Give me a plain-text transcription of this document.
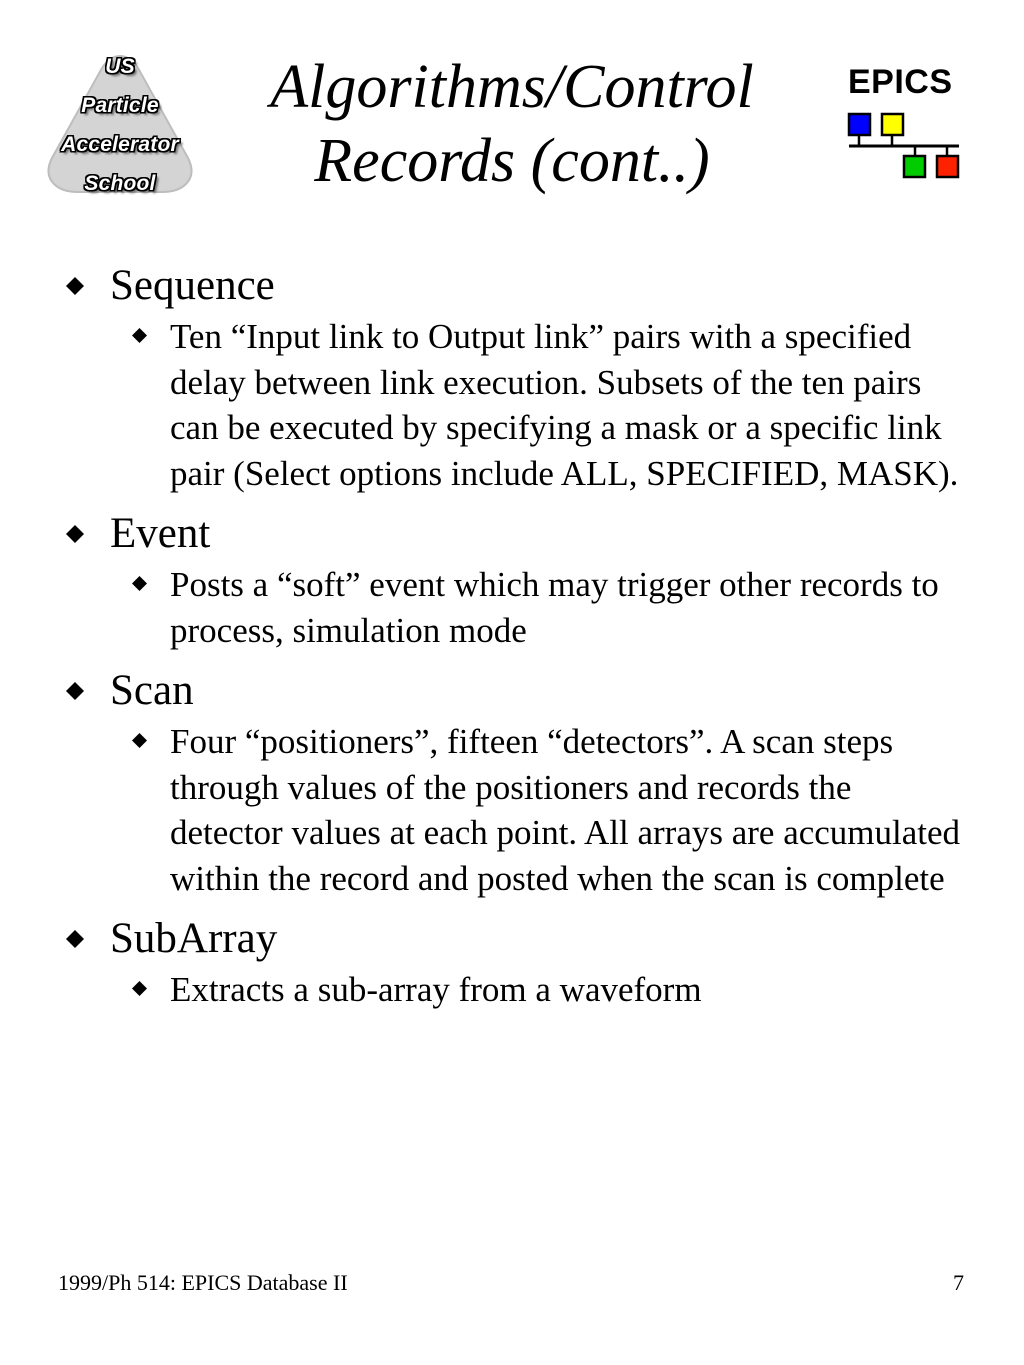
US
Particle
Accelerator
School
Algorithms/Control
Records (cont..)
EPICS
Sequence
Ten “Input link to Output link” pairs with a specified delay between link execution. Subsets of the ten pairs can be executed by specifying a mask or a specific link pair (Select options include ALL, SPECIFIED, MASK).
Event
Posts a “soft” event which may trigger other records to process, simulation mode
Scan
Four “positioners”, fifteen “detectors”. A scan steps through values of the positioners and records the detector values at each point. All arrays are accumulated within the record and posted when the scan is complete
SubArray
Extracts a sub-array from a waveform
1999/Ph 514: EPICS Database II	7
